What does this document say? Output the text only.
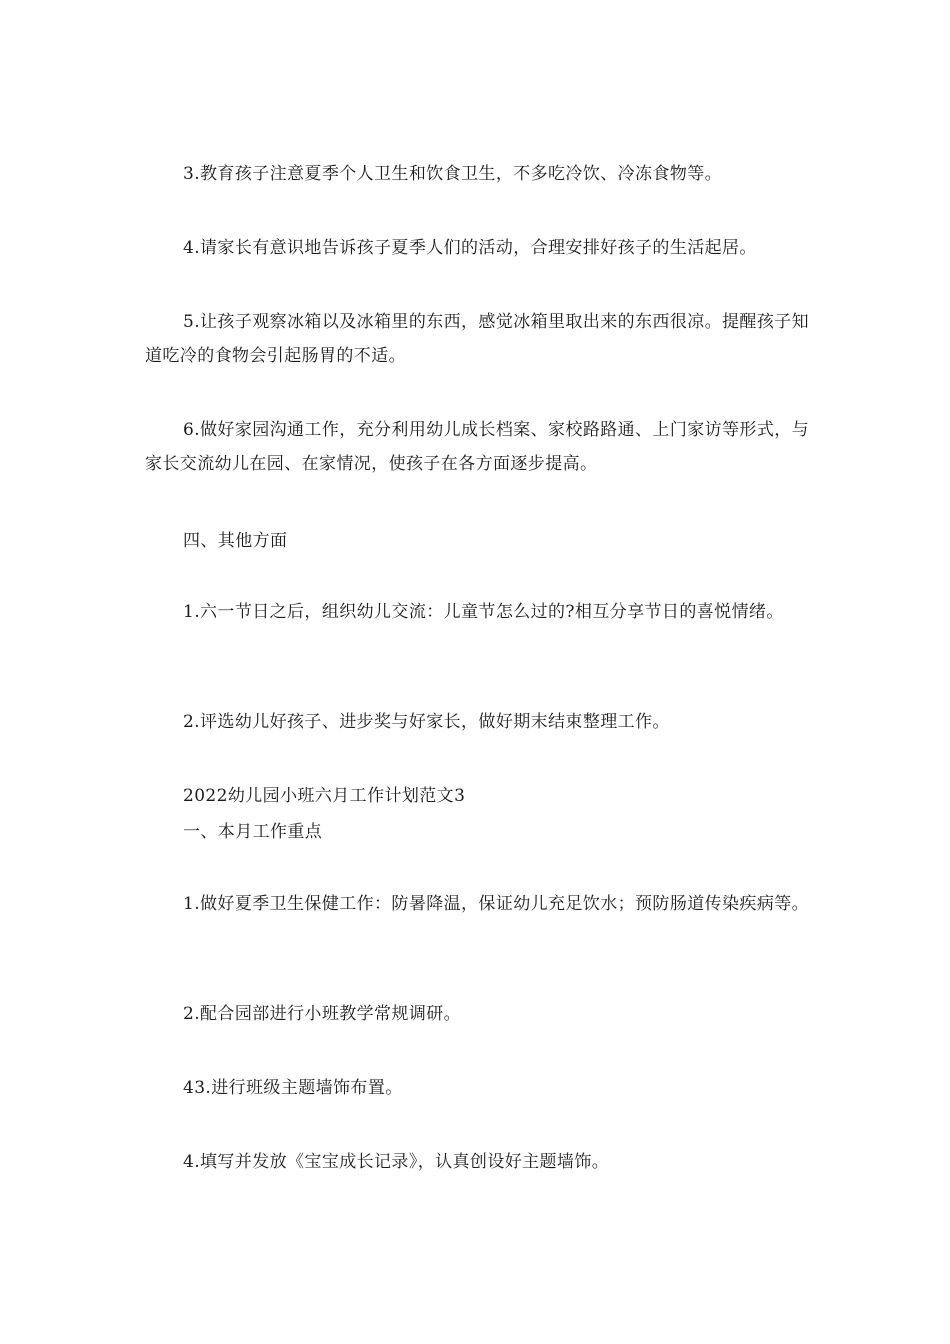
3.教育孩子注意夏季个人卫生和饮食卫生，不多吃冷饮、冷冻食物等。

4.请家长有意识地告诉孩子夏季人们的活动，合理安排好孩子的生活起居。

5.让孩子观察冰箱以及冰箱里的东西，感觉冰箱里取出来的东西很凉。提醒孩子知道吃冷的食物会引起肠胃的不适。

6.做好家园沟通工作，充分利用幼儿成长档案、家校路路通、上门家访等形式，与家长交流幼儿在园、在家情况，使孩子在各方面逐步提高。

四、其他方面

1.六一节日之后，组织幼儿交流：儿童节怎么过的?相互分享节日的喜悦情绪。

2.评选幼儿好孩子、进步奖与好家长，做好期末结束整理工作。

2022幼儿园小班六月工作计划范文3

一、本月工作重点

1.做好夏季卫生保健工作：防暑降温，保证幼儿充足饮水；预防肠道传染疾病等。

2.配合园部进行小班教学常规调研。

43.进行班级主题墙饰布置。

4.填写并发放《宝宝成长记录》，认真创设好主题墙饰。
